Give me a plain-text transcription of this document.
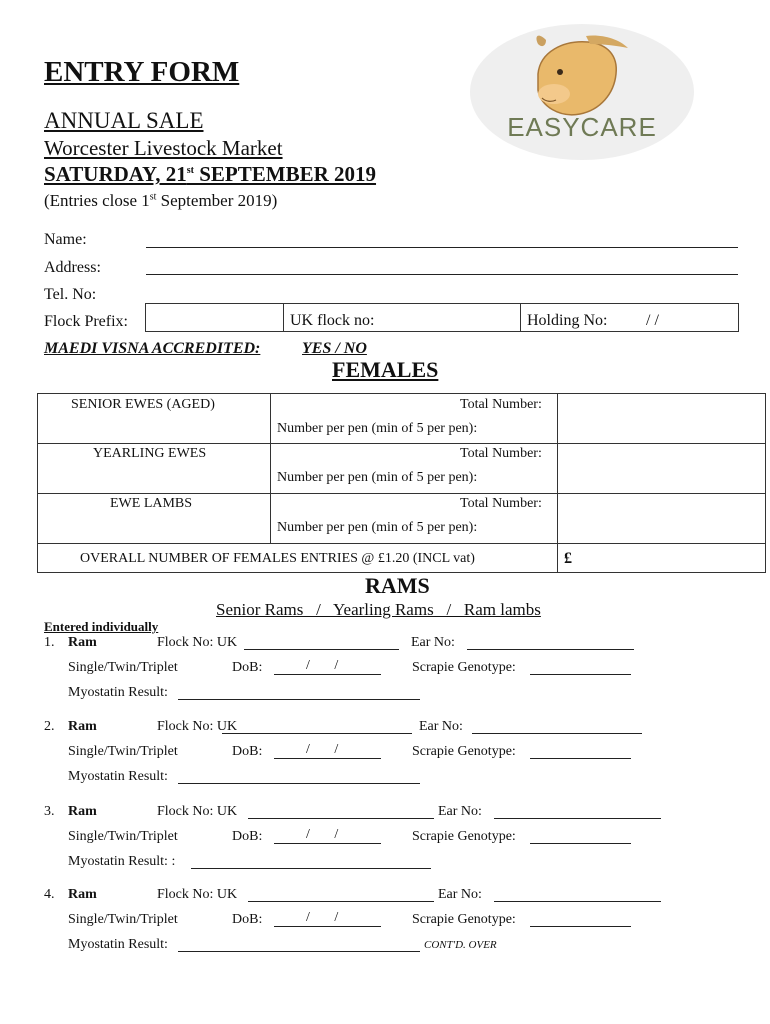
ENTRY FORM
ANNUAL SALE
Worcester Livestock Market
SATURDAY, 21st SEPTEMBER 2019
(Entries close 1st September 2019)
EASYCARE
Name:
Address:
Tel. No:
Flock Prefix:	UK flock no:	Holding No: / /
MAEDI VISNA ACCREDITED:	YES / NO
FEMALES
SENIOR EWES (AGED)	Total Number:
Number per pen (min of 5 per pen):
YEARLING EWES	Total Number:
Number per pen (min of 5 per pen):
EWE LAMBS	Total Number:
Number per pen (min of 5 per pen):
OVERALL NUMBER OF FEMALES ENTRIES @ £1.20 (INCL vat)	£
RAMS
Senior Rams   /   Yearling Rams   /   Ram lambs
Entered individually
1. Ram	Flock No: UK	Ear No:
Single/Twin/Triplet	DoB:	/       /	Scrapie Genotype:
Myostatin Result:
2. Ram	Flock No: UK	Ear No:
Single/Twin/Triplet	DoB:	/       /	Scrapie Genotype:
Myostatin Result:
3. Ram	Flock No: UK	Ear No:
Single/Twin/Triplet	DoB:	/       /	Scrapie Genotype:
Myostatin Result: :
4. Ram	Flock No: UK	Ear No:
Single/Twin/Triplet	DoB:	/       /	Scrapie Genotype:
Myostatin Result:	CONT'D. OVER
